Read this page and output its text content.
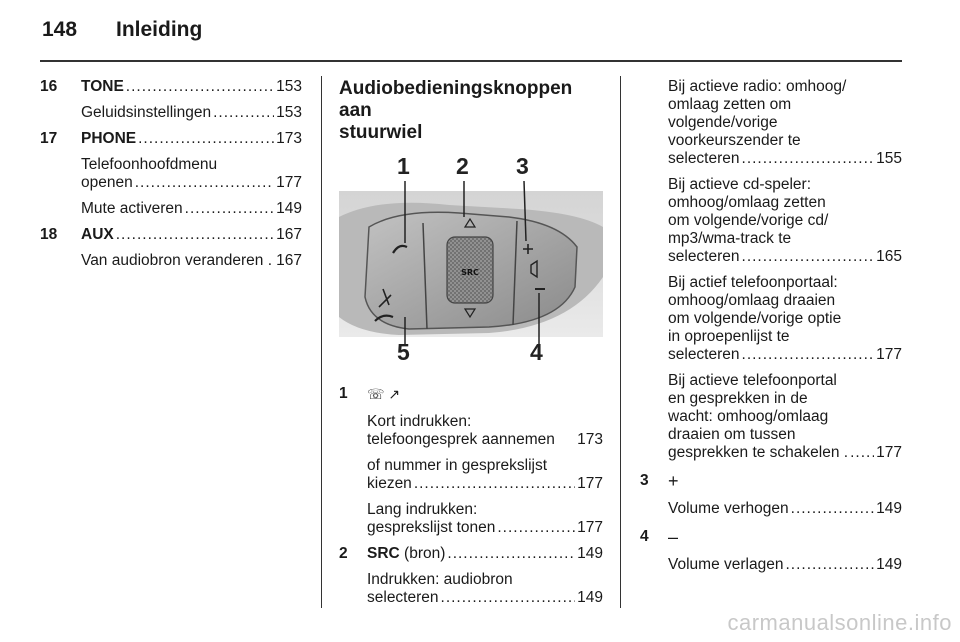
148 Inleiding
16 TONE .....	153
Geluidsinstellingen .....	153
17 PHONE .....	173
Telefoonhoofdmenu
openen .....	177
Mute activeren .....	149
18 AUX .....	167
Van audiobron veranderen . 167
Audiobedieningsknoppen aan
stuurwiel
SRC
1 2 3
4
5
1 ☏ ↗
Kort indrukken:
telefoongesprek aannemen 173
of nummer in gesprekslijst
kiezen .....	177
Lang indrukken:
gesprekslijst tonen .....	177
2 SRC (bron) .....	149
Indrukken: audiobron
selecteren .....	149
Bij actieve radio: omhoog/
omlaag zetten om
volgende/vorige
voorkeurszender te
selecteren .....	155
Bij actieve cd-speler:
omhoog/omlaag zetten
om volgende/vorige cd/
mp3/wma-track te
selecteren .....	165
Bij actief telefoonportaal:
omhoog/omlaag draaien
om volgende/vorige optie
in oproepenlijst te
selecteren .....	177
Bij actieve telefoonportal
en gesprekken in de
wacht: omhoog/omlaag
draaien om tussen
gesprekken te schakelen . ..... 177
3 +
Volume verhogen .....	149
4 –
Volume verlagen .....	149
carmanualsonline.info
